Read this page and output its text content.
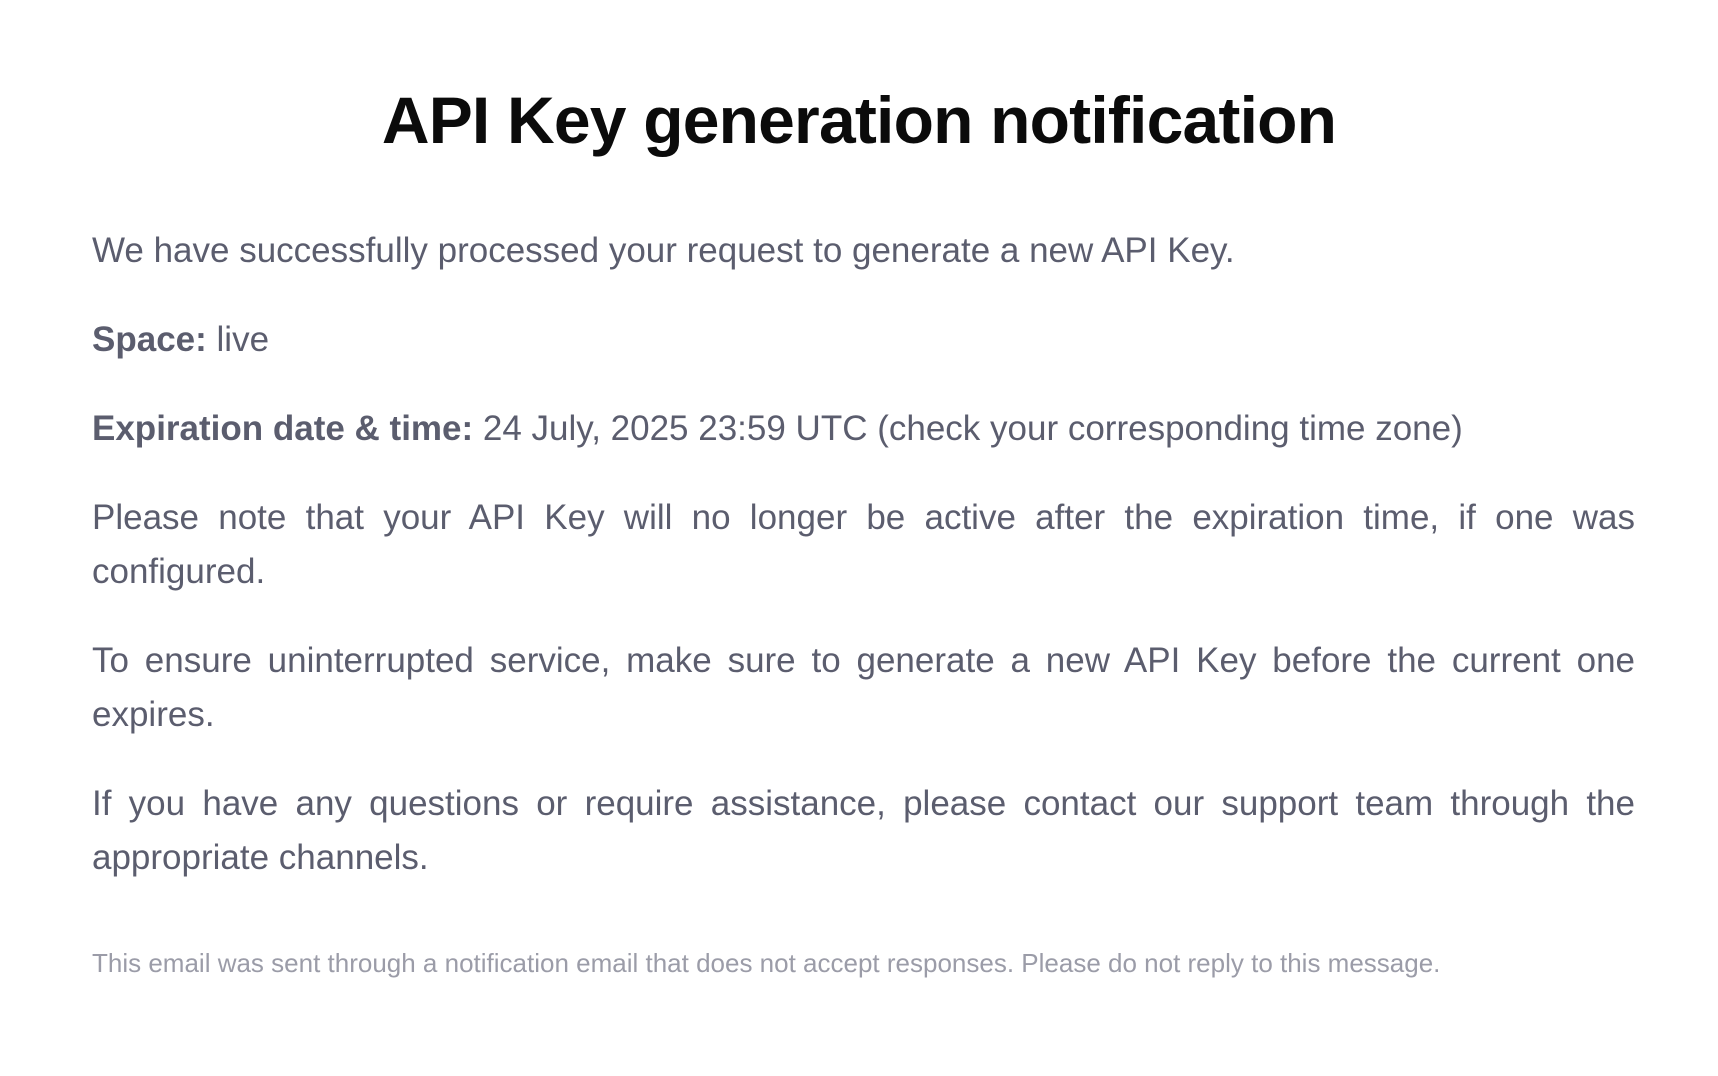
API Key generation notification

We have successfully processed your request to generate a new API Key.

Space: live

Expiration date & time: 24 July, 2025 23:59 UTC (check your corresponding time zone)

Please note that your API Key will no longer be active after the expiration time, if one was configured.

To ensure uninterrupted service, make sure to generate a new API Key before the current one expires.

If you have any questions or require assistance, please contact our support team through the appropriate channels.

This email was sent through a notification email that does not accept responses. Please do not reply to this message.
